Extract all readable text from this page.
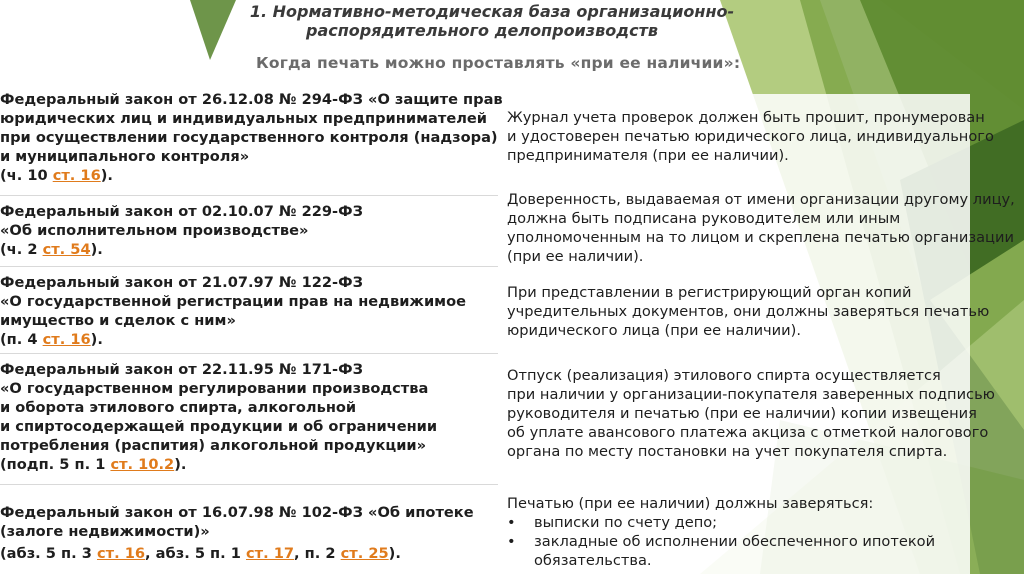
1. Нормативно-методическая база организационно-
распорядительного делопроизводств
Когда печать можно проставлять «при ее наличии»:
Федеральный закон от 26.12.08 № 294-ФЗ «О защите прав
юридических лиц и индивидуальных предпринимателей
при осуществлении государственного контроля (надзора)
и муниципального контроля»
(ч. 10 ст. 16).
Федеральный закон от 02.10.07 № 229-ФЗ
«Об исполнительном производстве»
(ч. 2 ст. 54).
Федеральный закон от 21.07.97 № 122-ФЗ
«О государственной регистрации прав на недвижимое
имущество и сделок с ним»
(п. 4 ст. 16).
Федеральный закон от 22.11.95 № 171-ФЗ
«О государственном регулировании производства
и оборота этилового спирта, алкогольной
и спиртосодержащей продукции и об ограничении
потребления (распития) алкогольной продукции»
(подп. 5 п. 1 ст. 10.2).
Федеральный закон от 16.07.98 № 102-ФЗ «Об ипотеке
(залоге недвижимости)»
(абз. 5 п. 3 ст. 16, абз. 5 п. 1 ст. 17, п. 2 ст. 25).
Журнал учета проверок должен быть прошит, пронумерован
и удостоверен печатью юридического лица, индивидуального
предпринимателя (при ее наличии).
Доверенность, выдаваемая от имени организации другому лицу,
должна быть подписана руководителем или иным
уполномоченным на то лицом и скреплена печатью организации
(при ее наличии).
При представлении в регистрирующий орган копий
учредительных документов, они должны заверяться печатью
юридического лица (при ее наличии).
Отпуск (реализация) этилового спирта осуществляется
при наличии у организации-покупателя заверенных подписью
руководителя и печатью (при ее наличии) копии извещения
об уплате авансового платежа акциза с отметкой налогового
органа по месту постановки на учет покупателя спирта.
Печатью (при ее наличии) должны заверяться:
• выписки по счету депо;
• закладные об исполнении обеспеченного ипотекой
обязательства.
